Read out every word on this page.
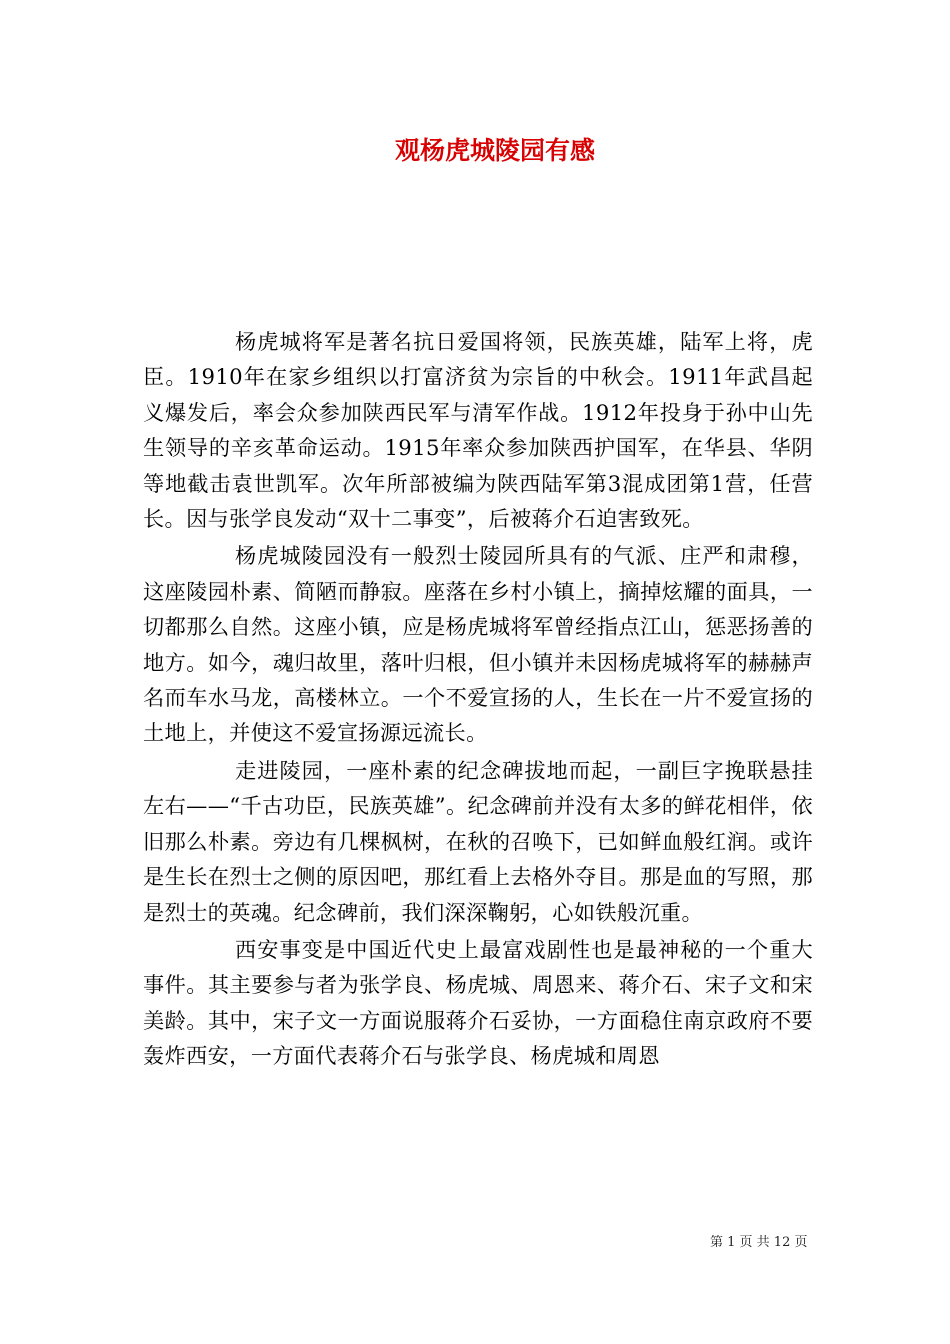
观杨虎城陵园有感

杨虎城将军是著名抗日爱国将领，民族英雄，陆军上将，虎臣。1910年在家乡组织以打富济贫为宗旨的中秋会。1911年武昌起义爆发后，率会众参加陕西民军与清军作战。1912年投身于孙中山先生领导的辛亥革命运动。1915年率众参加陕西护国军，在华县、华阴等地截击袁世凯军。次年所部被编为陕西陆军第3混成团第1营，任营长。因与张学良发动“双十二事变”，后被蒋介石迫害致死。

杨虎城陵园没有一般烈士陵园所具有的气派、庄严和肃穆，这座陵园朴素、简陋而静寂。座落在乡村小镇上，摘掉炫耀的面具，一切都那么自然。这座小镇，应是杨虎城将军曾经指点江山，惩恶扬善的地方。如今，魂归故里，落叶归根，但小镇并未因杨虎城将军的赫赫声名而车水马龙，高楼林立。一个不爱宣扬的人，生长在一片不爱宣扬的土地上，并使这不爱宣扬源远流长。

走进陵园，一座朴素的纪念碑拔地而起，一副巨字挽联悬挂左右——“千古功臣，民族英雄”。纪念碑前并没有太多的鲜花相伴，依旧那么朴素。旁边有几棵枫树，在秋的召唤下，已如鲜血般红润。或许是生长在烈士之侧的原因吧，那红看上去格外夺目。那是血的写照，那是烈士的英魂。纪念碑前，我们深深鞠躬，心如铁般沉重。

西安事变是中国近代史上最富戏剧性也是最神秘的一个重大事件。其主要参与者为张学良、杨虎城、周恩来、蒋介石、宋子文和宋美龄。其中，宋子文一方面说服蒋介石妥协，一方面稳住南京政府不要轰炸西安，一方面代表蒋介石与张学良、杨虎城和周恩

第 1 页 共 12 页
